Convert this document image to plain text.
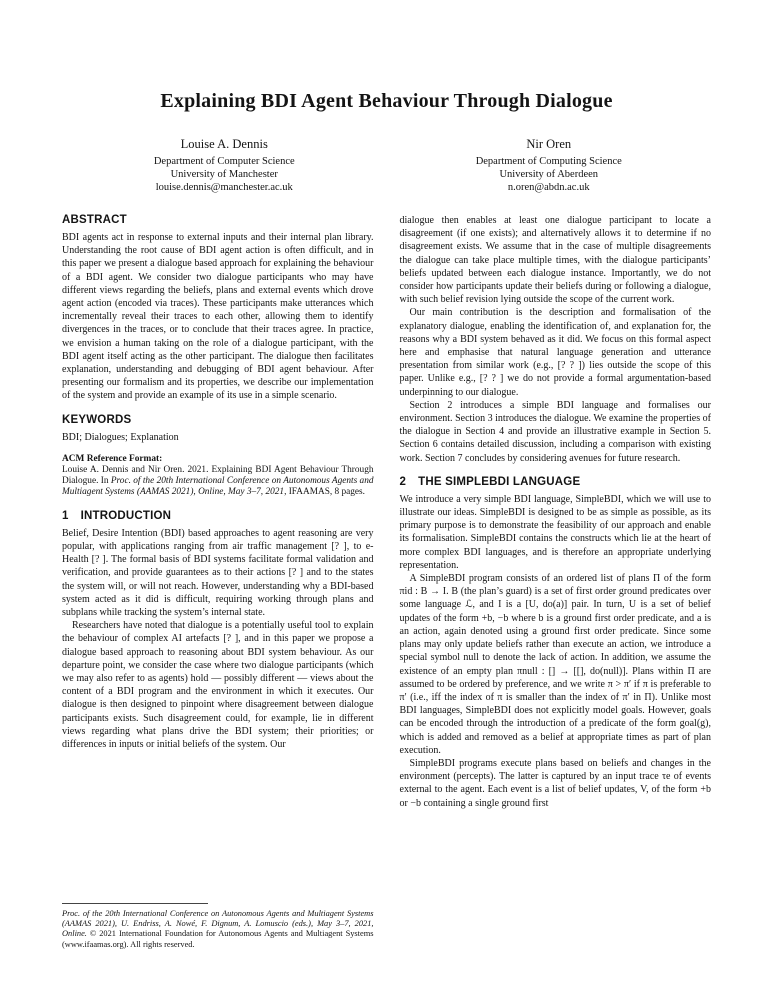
Explaining BDI Agent Behaviour Through Dialogue
Louise A. Dennis
Department of Computer Science
University of Manchester
louise.dennis@manchester.ac.uk
Nir Oren
Department of Computing Science
University of Aberdeen
n.oren@abdn.ac.uk
ABSTRACT

BDI agents act in response to external inputs and their internal plan library. Understanding the root cause of BDI agent action is often difficult, and in this paper we present a dialogue based approach for explaining the behaviour of a BDI agent. We consider two dialogue participants who may have different views regarding the beliefs, plans and external events which drove agent action (encoded via traces). These participants make utterances which incrementally reveal their traces to each other, allowing them to identify divergences in the traces, or to conclude that their traces agree. In practice, we envision a human taking on the role of a dialogue participant, with the BDI agent itself acting as the other participant. The dialogue then facilitates explanation, understanding and debugging of BDI agent behaviour. After presenting our formalism and its properties, we describe our implementation of the system and provide an example of its use in a simple scenario.

KEYWORDS

BDI; Dialogues; Explanation

ACM Reference Format:

Louise A. Dennis and Nir Oren. 2021. Explaining BDI Agent Behaviour Through Dialogue. In Proc. of the 20th International Conference on Autonomous Agents and Multiagent Systems (AAMAS 2021), Online, May 3–7, 2021, IFAAMAS, 8 pages.

1 INTRODUCTION

Belief, Desire Intention (BDI) based approaches to agent reasoning are very popular, with applications ranging from air traffic management [? ], to e-Health [? ]. The formal basis of BDI systems facilitate formal validation and verification, and provide guarantees as to their actions [? ] and to the states the system will, or will not reach. However, understanding why a BDI-based system acted as it did is difficult, requiring working through plans and subplans while tracking the system’s internal state.

Researchers have noted that dialogue is a potentially useful tool to explain the behaviour of complex AI artefacts [? ], and in this paper we propose a dialogue based approach to reasoning about BDI system behaviour. As our departure point, we consider the case where two dialogue participants (which we may also refer to as agents) hold — possibly different — views about the content of a BDI program and the environment in which it executes. Our dialogue is then designed to pinpoint where disagreement between dialogue participants exists. Such disagreement could, for example, lie in different views regarding what plans drive the BDI system; their priorities; or differences in inputs or initial beliefs of the system. Our

Proc. of the 20th International Conference on Autonomous Agents and Multiagent Systems (AAMAS 2021), U. Endriss, A. Nowé, F. Dignum, A. Lomuscio (eds.), May 3–7, 2021, Online. © 2021 International Foundation for Autonomous Agents and Multiagent Systems (www.ifaamas.org). All rights reserved.

dialogue then enables at least one dialogue participant to locate a disagreement (if one exists); and alternatively allows it to determine if no disagreement exists. We assume that in the case of multiple disagreements the dialogue can take place multiple times, with the dialogue participants’ beliefs updated between each dialogue instance. Importantly, we do not consider how participants update their beliefs during or following a dialogue, with such belief revision lying outside the scope of the current work.

Our main contribution is the description and formalisation of the explanatory dialogue, enabling the identification of, and explanation for, the reasons why a BDI system behaved as it did. We focus on this formal aspect here and emphasise that natural language generation and utterance presentation from similar work (e.g., [? ? ]) lies outside the scope of this paper. Unlike e.g., [? ? ] we do not provide a formal argumentation-based underpinning to our dialogue.

Section 2 introduces a simple BDI language and formalises our environment. Section 3 introduces the dialogue. We examine the properties of the dialogue in Section 4 and provide an illustrative example in Section 5. Section 6 contains detailed discussion, including a comparison with existing work. Section 7 concludes by considering avenues for future research.

2 THE SIMPLEBDI LANGUAGE

We introduce a very simple BDI language, SimpleBDI, which we will use to illustrate our ideas. SimpleBDI is designed to be as simple as possible, as its primary purpose is to demonstrate the feasibility of our approach and enable its formalisation. SimpleBDI contains the constructs which lie at the heart of more complex BDI languages, and is therefore an appropriate underlying representation.

A SimpleBDI program consists of an ordered list of plans Π of the form πid : B → I. B (the plan’s guard) is a set of first order ground predicates over some language ℒ, and I is a [U, do(a)] pair. In turn, U is a set of belief updates of the form +b, −b where b is a ground first order predicate, and a is an action, again denoted using a ground first order predicate. Since some plans may only update beliefs rather than execute an action, we introduce a special symbol null to denote the lack of action. In addition, we assume the existence of an empty plan πnull : [] → [[], do(null)]. Plans within Π are assumed to be ordered by preference, and we write π > π′ if π is preferable to π′ (i.e., iff the index of π is smaller than the index of π′ in Π). Unlike most BDI languages, SimpleBDI does not explicitly model goals. However, goals can be encoded through the introduction of a predicate of the form goal(g), which is added and removed as a belief at appropriate times as part of plan execution.

SimpleBDI programs execute plans based on beliefs and changes in the environment (percepts). The latter is captured by an input trace τe of events external to the agent. Each event is a list of belief updates, V, of the form +b or −b containing a single ground first
